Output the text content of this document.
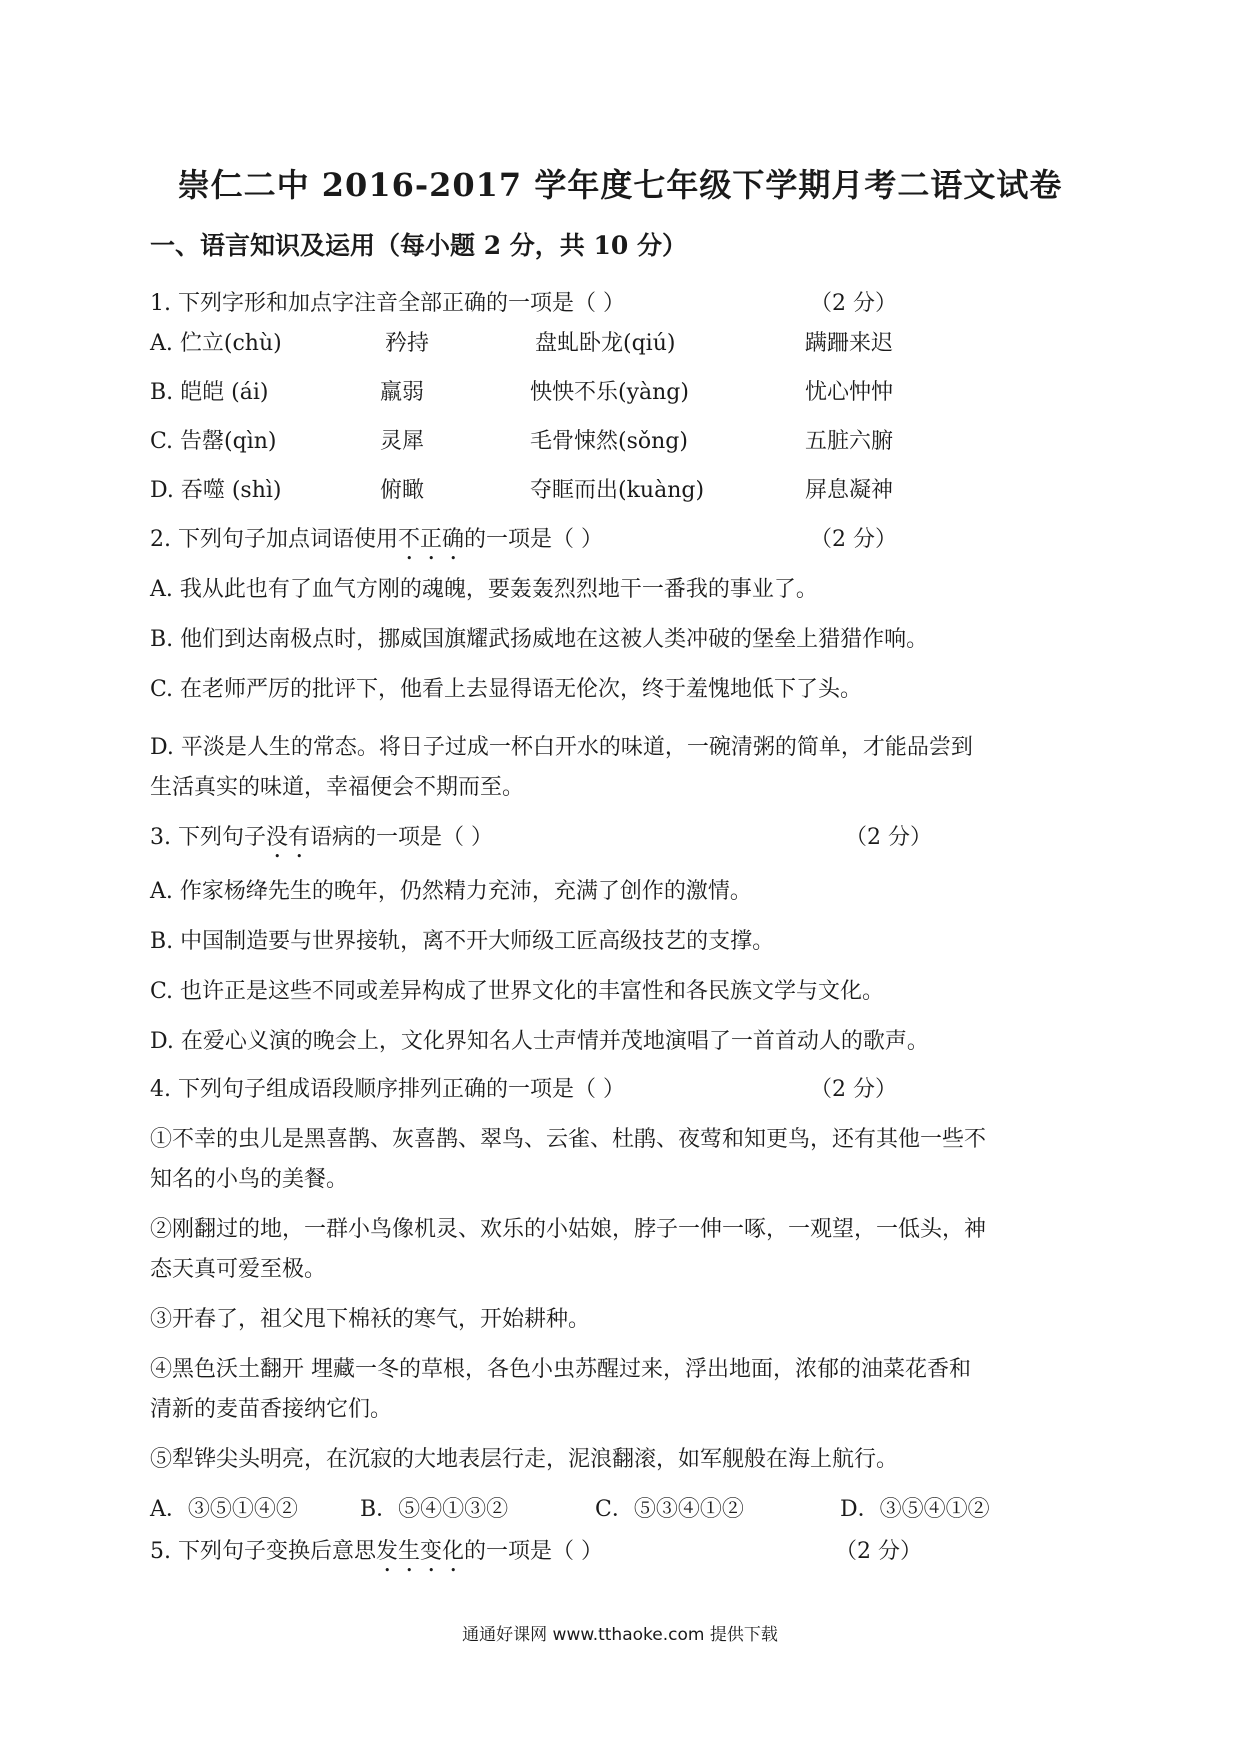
崇仁二中 2016-2017 学年度七年级下学期月考二语文试卷
一、语言知识及运用（每小题 2 分，共 10 分）
1. 下列字形和加点字注音全部正确的一项是（ ）	（2 分）
A. 伫立(chù)	矜持	盘虬卧龙(qiú)	蹒跚来迟
B. 皑皑 (ái)	羸弱	怏怏不乐(yàng)	忧心忡忡
C. 告罄(qìn)	灵犀	毛骨悚然(sǒng)	五脏六腑
D. 吞噬 (shì)	俯瞰	夺眶而出(kuàng)	屏息凝神
2. 下列句子加点词语使用不正确的一项是（ ）	（2 分）
A. 我从此也有了血气方刚的魂魄，要轰轰烈烈地干一番我的事业了。
B. 他们到达南极点时，挪威国旗耀武扬威地在这被人类冲破的堡垒上猎猎作响。
C. 在老师严厉的批评下，他看上去显得语无伦次，终于羞愧地低下了头。
D. 平淡是人生的常态。将日子过成一杯白开水的味道，一碗清粥的简单，才能品尝到
生活真实的味道，幸福便会不期而至。
3. 下列句子没有语病的一项是（ ）	（2 分）
A. 作家杨绛先生的晚年，仍然精力充沛，充满了创作的激情。
B. 中国制造要与世界接轨，离不开大师级工匠高级技艺的支撑。
C. 也许正是这些不同或差异构成了世界文化的丰富性和各民族文学与文化。
D. 在爱心义演的晚会上，文化界知名人士声情并茂地演唱了一首首动人的歌声。
4. 下列句子组成语段顺序排列正确的一项是（ ）	（2 分）
①不幸的虫儿是黑喜鹊、灰喜鹊、翠鸟、云雀、杜鹃、夜莺和知更鸟，还有其他一些不
知名的小鸟的美餐。
②刚翻过的地，一群小鸟像机灵、欢乐的小姑娘，脖子一伸一啄，一观望，一低头，神
态天真可爱至极。
③开春了，祖父甩下棉袄的寒气，开始耕种。
④黑色沃土翻开 埋藏一冬的草根，各色小虫苏醒过来，浮出地面，浓郁的油菜花香和
清新的麦苗香接纳它们。
⑤犁铧尖头明亮，在沉寂的大地表层行走，泥浪翻滚，如军舰般在海上航行。
A．③⑤①④②	B．⑤④①③②	C．⑤③④①②	D．③⑤④①②
5. 下列句子变换后意思发生变化的一项是（ ）	（2 分）
通通好课网 www.tthaoke.com 提供下载
